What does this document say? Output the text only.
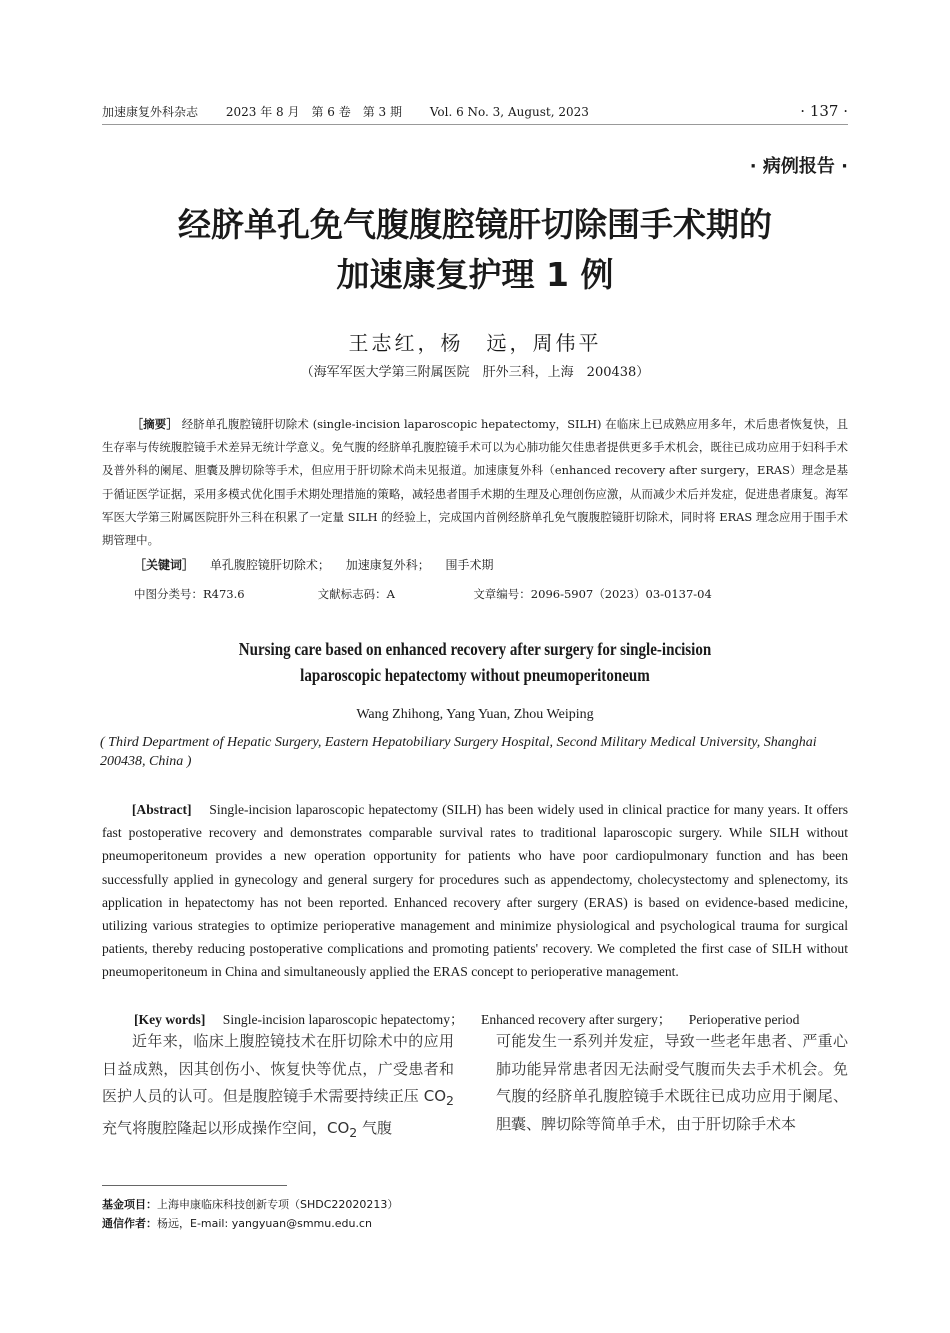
加速康复外科杂志    2023 年 8 月　第 6 卷　第 3 期    Vol. 6 No. 3, August, 2023	· 137 ·
· 病例报告 ·
经脐单孔免气腹腹腔镜肝切除围手术期的
加速康复护理 1 例
王志红，杨　远，周伟平
（海军军医大学第三附属医院　肝外三科，上海　200438）
［摘要］ 经脐单孔腹腔镜肝切除术 (single-incision laparoscopic hepatectomy，SILH) 在临床上已成熟应用多年，术后患者恢复快，且生存率与传统腹腔镜手术差异无统计学意义。免气腹的经脐单孔腹腔镜手术可以为心肺功能欠佳患者提供更多手术机会，既往已成功应用于妇科手术及普外科的阑尾、胆囊及脾切除等手术，但应用于肝切除术尚未见报道。加速康复外科（enhanced recovery after surgery，ERAS）理念是基于循证医学证据，采用多模式优化围手术期处理措施的策略，减轻患者围手术期的生理及心理创伤应激，从而减少术后并发症，促进患者康复。海军军医大学第三附属医院肝外三科在积累了一定量 SILH 的经验上，完成国内首例经脐单孔免气腹腹腔镜肝切除术，同时将 ERAS 理念应用于围手术期管理中。
［关键词］  单孔腹腔镜肝切除术；  加速康复外科；  围手术期
中图分类号：R473.6	文献标志码：A	文章编号：2096-5907（2023）03-0137-04
Nursing care based on enhanced recovery after surgery for single-incision
laparoscopic hepatectomy without pneumoperitoneum
Wang Zhihong, Yang Yuan, Zhou Weiping
( Third Department of Hepatic Surgery, Eastern Hepatobiliary Surgery Hospital, Second Military Medical University, Shanghai 200438, China )
[Abstract]  Single-incision laparoscopic hepatectomy (SILH) has been widely used in clinical practice for many years. It offers fast postoperative recovery and demonstrates comparable survival rates to traditional laparoscopic surgery. While SILH without pneumoperitoneum provides a new operation opportunity for patients who have poor cardiopulmonary function and has been successfully applied in gynecology and general surgery for procedures such as appendectomy, cholecystectomy and splenectomy, its application in hepatectomy has not been reported. Enhanced recovery after surgery (ERAS) is based on evidence-based medicine, utilizing various strategies to optimize perioperative management and minimize physiological and psychological trauma for surgical patients, thereby reducing postoperative complications and promoting patients' recovery. We completed the first case of SILH without pneumoperitoneum in China and simultaneously applied the ERAS concept to perioperative management.
[Key words] Single-incision laparoscopic hepatectomy； Enhanced recovery after surgery； Perioperative period
近年来，临床上腹腔镜技术在肝切除术中的应用日益成熟，因其创伤小、恢复快等优点，广受患者和医护人员的认可。但是腹腔镜手术需要持续正压 $CO_2$ 充气将腹腔隆起以形成操作空间，$CO_2$ 气腹
可能发生一系列并发症，导致一些老年患者、严重心肺功能异常患者因无法耐受气腹而失去手术机会。免气腹的经脐单孔腹腔镜手术既往已成功应用于阑尾、胆囊、脾切除等简单手术，由于肝切除手术本
基金项目：上海申康临床科技创新专项（SHDC22020213）
通信作者：杨远，E-mail: yangyuan@smmu.edu.cn
